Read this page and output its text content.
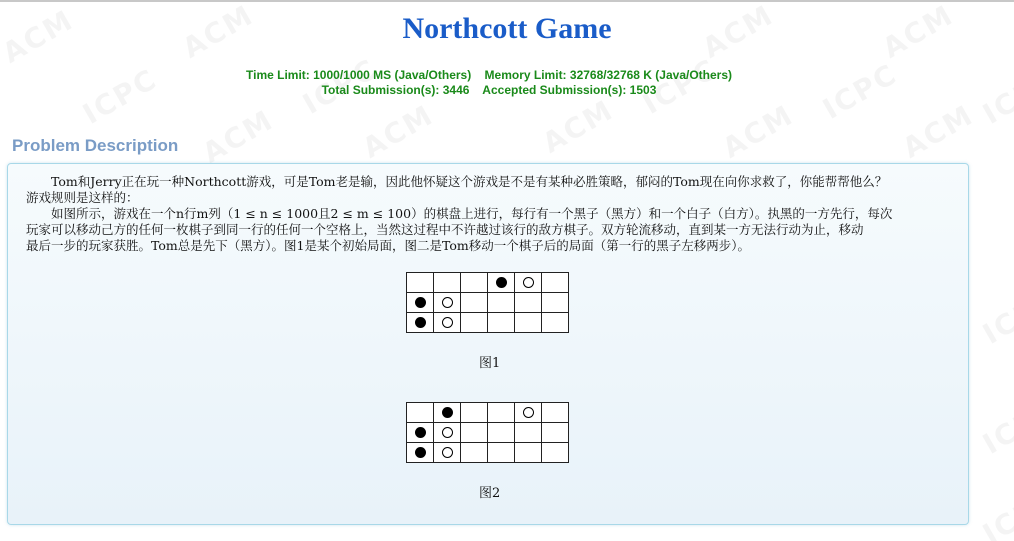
Northcott Game
Time Limit: 1000/1000 MS (Java/Others)    Memory Limit: 32768/32768 K (Java/Others)
Total Submission(s): 3446    Accepted Submission(s): 1503
Problem Description
　　Tom和Jerry正在玩一种Northcott游戏，可是Tom老是输，因此他怀疑这个游戏是不是有某种必胜策略，郁闷的Tom现在向你求救了，你能帮帮他么？
游戏规则是这样的：
　　如图所示，游戏在一个n行m列（1 ≤ n ≤ 1000且2 ≤ m ≤ 100）的棋盘上进行，每行有一个黑子（黑方）和一个白子（白方）。执黑的一方先行，每次
玩家可以移动己方的任何一枚棋子到同一行的任何一个空格上，当然这过程中不许越过该行的敌方棋子。双方轮流移动，直到某一方无法行动为止，移动
最后一步的玩家获胜。Tom总是先下（黑方）。图1是某个初始局面，图二是Tom移动一个棋子后的局面（第一行的黑子左移两步）。

图1

图2
